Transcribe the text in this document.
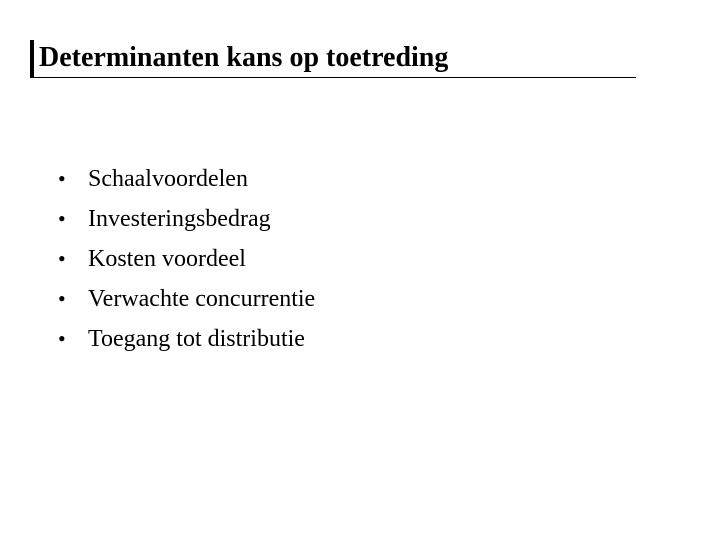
Determinanten kans op toetreding
• Schaalvoordelen
• Investeringsbedrag
• Kosten voordeel
• Verwachte concurrentie
• Toegang tot distributie
